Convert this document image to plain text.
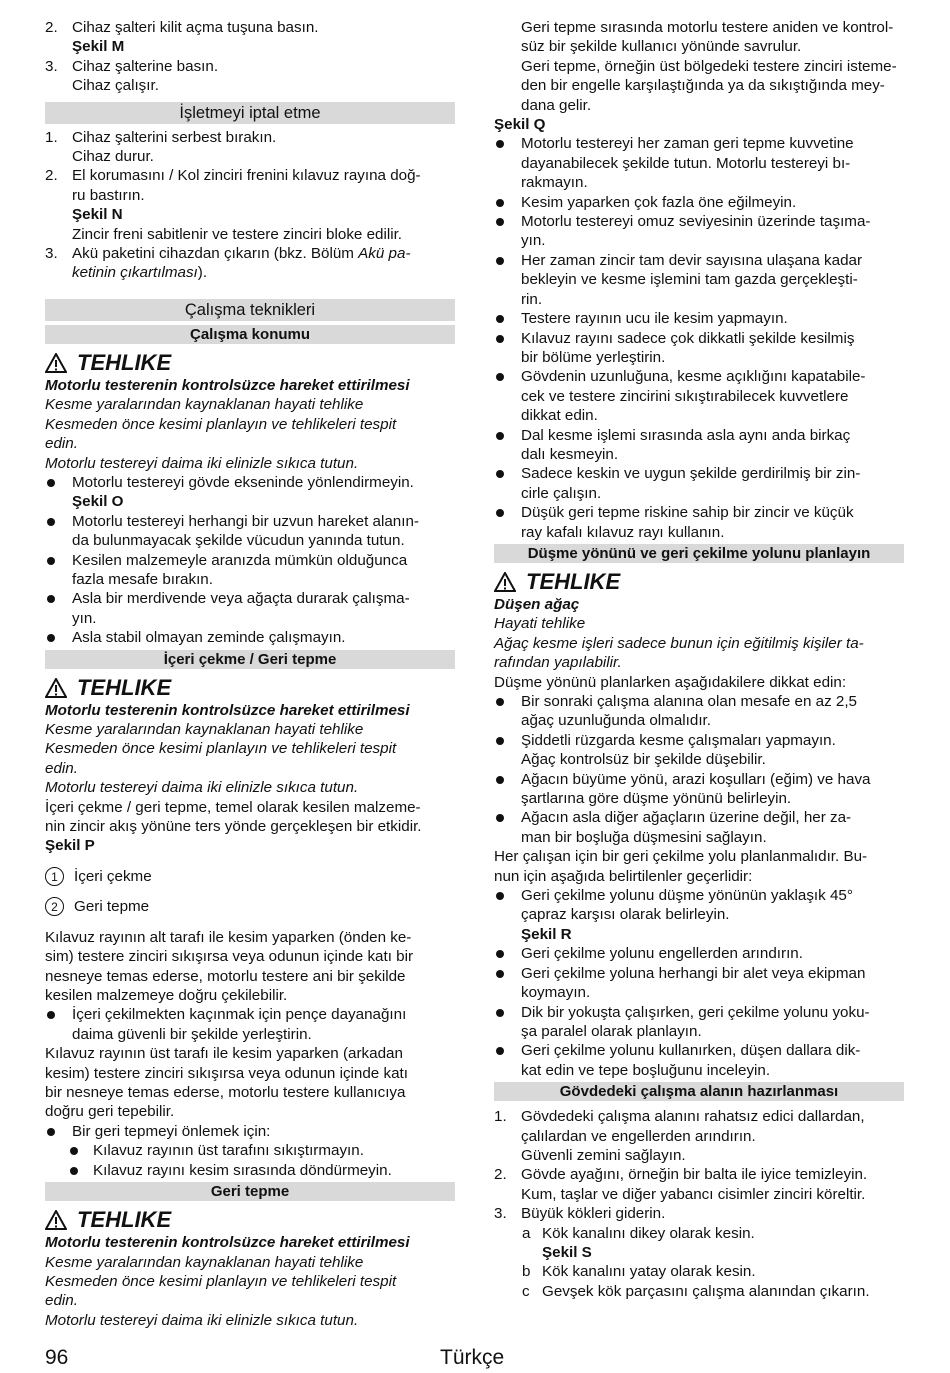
2. Cihaz şalteri kilit açma tuşuna basın.
Şekil M
3. Cihaz şalterine basın.
Cihaz çalışır.
İşletmeyi iptal etme
1. Cihaz şalterini serbest bırakın.
Cihaz durur.
2. El korumasını / Kol zinciri frenini kılavuz rayına doğ-
ru bastırın.
Şekil N
Zincir freni sabitlenir ve testere zinciri bloke edilir.
3. Akü paketini cihazdan çıkarın (bkz. Bölüm Akü pa-
ketinin çıkartılması).
Çalışma teknikleri
Çalışma konumu
TEHLIKE
Motorlu testerenin kontrolsüzce hareket ettirilmesi
Kesme yaralarından kaynaklanan hayati tehlike
Kesmeden önce kesimi planlayın ve tehlikeleri tespit
edin.
Motorlu testereyi daima iki elinizle sıkıca tutun.
Motorlu testereyi gövde ekseninde yönlendirmeyin.
Şekil O
Motorlu testereyi herhangi bir uzvun hareket alanın-
da bulunmayacak şekilde vücudun yanında tutun.
Kesilen malzemeyle aranızda mümkün olduğunca
fazla mesafe bırakın.
Asla bir merdivende veya ağaçta durarak çalışma-
yın.
Asla stabil olmayan zeminde çalışmayın.
İçeri çekme / Geri tepme
TEHLIKE
Motorlu testerenin kontrolsüzce hareket ettirilmesi
Kesme yaralarından kaynaklanan hayati tehlike
Kesmeden önce kesimi planlayın ve tehlikeleri tespit
edin.
Motorlu testereyi daima iki elinizle sıkıca tutun.
İçeri çekme / geri tepme, temel olarak kesilen malzeme-
nin zincir akış yönüne ters yönde gerçekleşen bir etkidir.
Şekil P
1 İçeri çekme
2 Geri tepme
Kılavuz rayının alt tarafı ile kesim yaparken (önden ke-
sim) testere zinciri sıkışırsa veya odunun içinde katı bir
nesneye temas ederse, motorlu testere ani bir şekilde
kesilen malzemeye doğru çekilebilir.
İçeri çekilmekten kaçınmak için pençe dayanağını
daima güvenli bir şekilde yerleştirin.
Kılavuz rayının üst tarafı ile kesim yaparken (arkadan
kesim) testere zinciri sıkışırsa veya odunun içinde katı
bir nesneye temas ederse, motorlu testere kullanıcıya
doğru geri tepebilir.
Bir geri tepmeyi önlemek için:
Kılavuz rayının üst tarafını sıkıştırmayın.
Kılavuz rayını kesim sırasında döndürmeyin.
Geri tepme
TEHLIKE
Motorlu testerenin kontrolsüzce hareket ettirilmesi
Kesme yaralarından kaynaklanan hayati tehlike
Kesmeden önce kesimi planlayın ve tehlikeleri tespit
edin.
Motorlu testereyi daima iki elinizle sıkıca tutun.
Geri tepme sırasında motorlu testere aniden ve kontrol-
süz bir şekilde kullanıcı yönünde savrulur.
Geri tepme, örneğin üst bölgedeki testere zinciri isteme-
den bir engelle karşılaştığında ya da sıkıştığında mey-
dana gelir.
Şekil Q
Motorlu testereyi her zaman geri tepme kuvvetine
dayanabilecek şekilde tutun. Motorlu testereyi bı-
rakmayın.
Kesim yaparken çok fazla öne eğilmeyin.
Motorlu testereyi omuz seviyesinin üzerinde taşıma-
yın.
Her zaman zincir tam devir sayısına ulaşana kadar
bekleyin ve kesme işlemini tam gazda gerçekleşti-
rin.
Testere rayının ucu ile kesim yapmayın.
Kılavuz rayını sadece çok dikkatli şekilde kesilmiş
bir bölüme yerleştirin.
Gövdenin uzunluğuna, kesme açıklığını kapatabile-
cek ve testere zincirini sıkıştırabilecek kuvvetlere
dikkat edin.
Dal kesme işlemi sırasında asla aynı anda birkaç
dalı kesmeyin.
Sadece keskin ve uygun şekilde gerdirilmiş bir zin-
cirle çalışın.
Düşük geri tepme riskine sahip bir zincir ve küçük
ray kafalı kılavuz rayı kullanın.
Düşme yönünü ve geri çekilme yolunu planlayın
TEHLIKE
Düşen ağaç
Hayati tehlike
Ağaç kesme işleri sadece bunun için eğitilmiş kişiler ta-
rafından yapılabilir.
Düşme yönünü planlarken aşağıdakilere dikkat edin:
Bir sonraki çalışma alanına olan mesafe en az 2,5
ağaç uzunluğunda olmalıdır.
Şiddetli rüzgarda kesme çalışmaları yapmayın.
Ağaç kontrolsüz bir şekilde düşebilir.
Ağacın büyüme yönü, arazi koşulları (eğim) ve hava
şartlarına göre düşme yönünü belirleyin.
Ağacın asla diğer ağaçların üzerine değil, her za-
man bir boşluğa düşmesini sağlayın.
Her çalışan için bir geri çekilme yolu planlanmalıdır. Bu-
nun için aşağıda belirtilenler geçerlidir:
Geri çekilme yolunu düşme yönünün yaklaşık 45°
çapraz karşısı olarak belirleyin.
Şekil R
Geri çekilme yolunu engellerden arındırın.
Geri çekilme yoluna herhangi bir alet veya ekipman
koymayın.
Dik bir yokuşta çalışırken, geri çekilme yolunu yoku-
şa paralel olarak planlayın.
Geri çekilme yolunu kullanırken, düşen dallara dik-
kat edin ve tepe boşluğunu inceleyin.
Gövdedeki çalışma alanın hazırlanması
1. Gövdedeki çalışma alanını rahatsız edici dallardan,
çalılardan ve engellerden arındırın.
Güvenli zemini sağlayın.
2. Gövde ayağını, örneğin bir balta ile iyice temizleyin.
Kum, taşlar ve diğer yabancı cisimler zinciri köreltir.
3. Büyük kökleri giderin.
a Kök kanalını dikey olarak kesin.
Şekil S
b Kök kanalını yatay olarak kesin.
c Gevşek kök parçasını çalışma alanından çıkarın.
96	Türkçe
